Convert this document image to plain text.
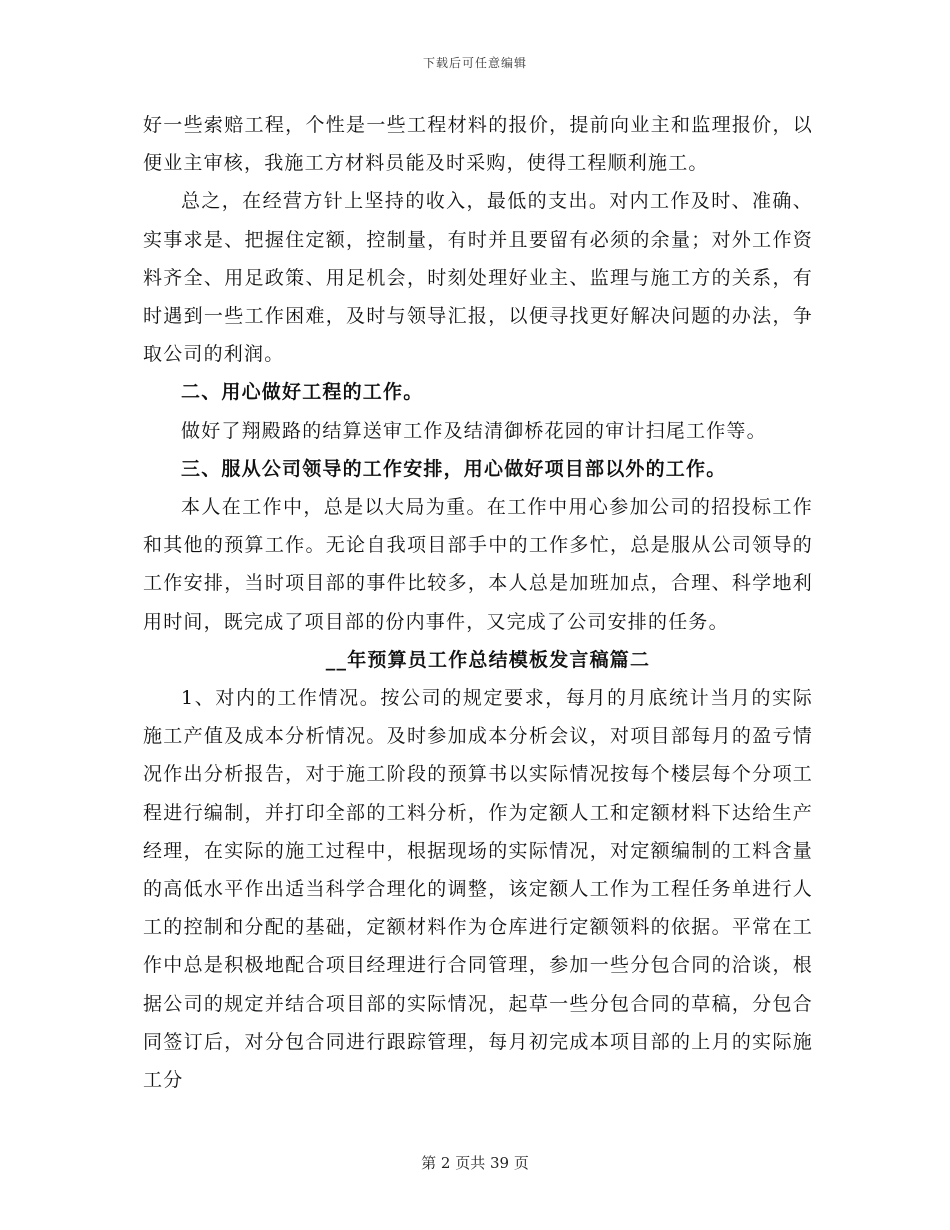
下载后可任意编辑

好一些索赔工程，个性是一些工程材料的报价，提前向业主和监理报价，以便业主审核，我施工方材料员能及时采购，使得工程顺利施工。

总之，在经营方针上坚持的收入，最低的支出。对内工作及时、准确、实事求是、把握住定额，控制量，有时并且要留有必须的余量；对外工作资料齐全、用足政策、用足机会，时刻处理好业主、监理与施工方的关系，有时遇到一些工作困难，及时与领导汇报，以便寻找更好解决问题的办法，争取公司的利润。

二、用心做好工程的工作。

做好了翔殿路的结算送审工作及结清御桥花园的审计扫尾工作等。

三、服从公司领导的工作安排，用心做好项目部以外的工作。

本人在工作中，总是以大局为重。在工作中用心参加公司的招投标工作和其他的预算工作。无论自我项目部手中的工作多忙，总是服从公司领导的工作安排，当时项目部的事件比较多，本人总是加班加点，合理、科学地利用时间，既完成了项目部的份内事件，又完成了公司安排的任务。

__年预算员工作总结模板发言稿篇二

1、对内的工作情况。按公司的规定要求，每月的月底统计当月的实际施工产值及成本分析情况。及时参加成本分析会议，对项目部每月的盈亏情况作出分析报告，对于施工阶段的预算书以实际情况按每个楼层每个分项工程进行编制，并打印全部的工料分析，作为定额人工和定额材料下达给生产经理，在实际的施工过程中，根据现场的实际情况，对定额编制的工料含量的高低水平作出适当科学合理化的调整，该定额人工作为工程任务单进行人工的控制和分配的基础，定额材料作为仓库进行定额领料的依据。平常在工作中总是积极地配合项目经理进行合同管理，参加一些分包合同的洽谈，根据公司的规定并结合项目部的实际情况，起草一些分包合同的草稿，分包合同签订后，对分包合同进行跟踪管理，每月初完成本项目部的上月的实际施工分

第 2 页共 39 页
